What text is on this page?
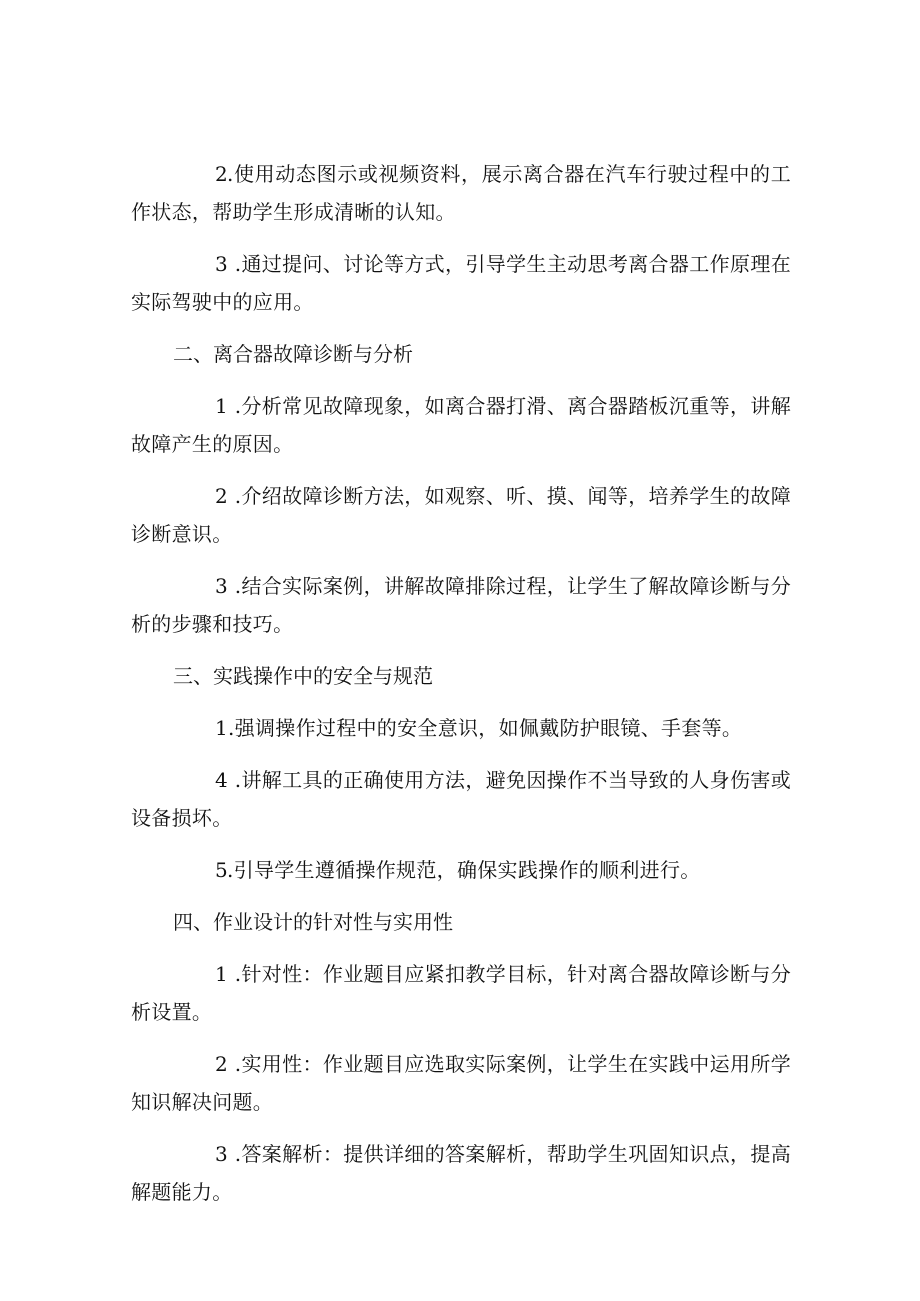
2.使用动态图示或视频资料，展示离合器在汽车行驶过程中的工作状态，帮助学生形成清晰的认知。

3 .通过提问、讨论等方式，引导学生主动思考离合器工作原理在实际驾驶中的应用。

二、离合器故障诊断与分析

1 .分析常见故障现象，如离合器打滑、离合器踏板沉重等，讲解故障产生的原因。

2 .介绍故障诊断方法，如观察、听、摸、闻等，培养学生的故障诊断意识。

3 .结合实际案例，讲解故障排除过程，让学生了解故障诊断与分析的步骤和技巧。

三、实践操作中的安全与规范

1.强调操作过程中的安全意识，如佩戴防护眼镜、手套等。

4 .讲解工具的正确使用方法，避免因操作不当导致的人身伤害或设备损坏。

5.引导学生遵循操作规范，确保实践操作的顺利进行。

四、作业设计的针对性与实用性

1 .针对性：作业题目应紧扣教学目标，针对离合器故障诊断与分析设置。

2 .实用性：作业题目应选取实际案例，让学生在实践中运用所学知识解决问题。

3 .答案解析：提供详细的答案解析，帮助学生巩固知识点，提高解题能力。
